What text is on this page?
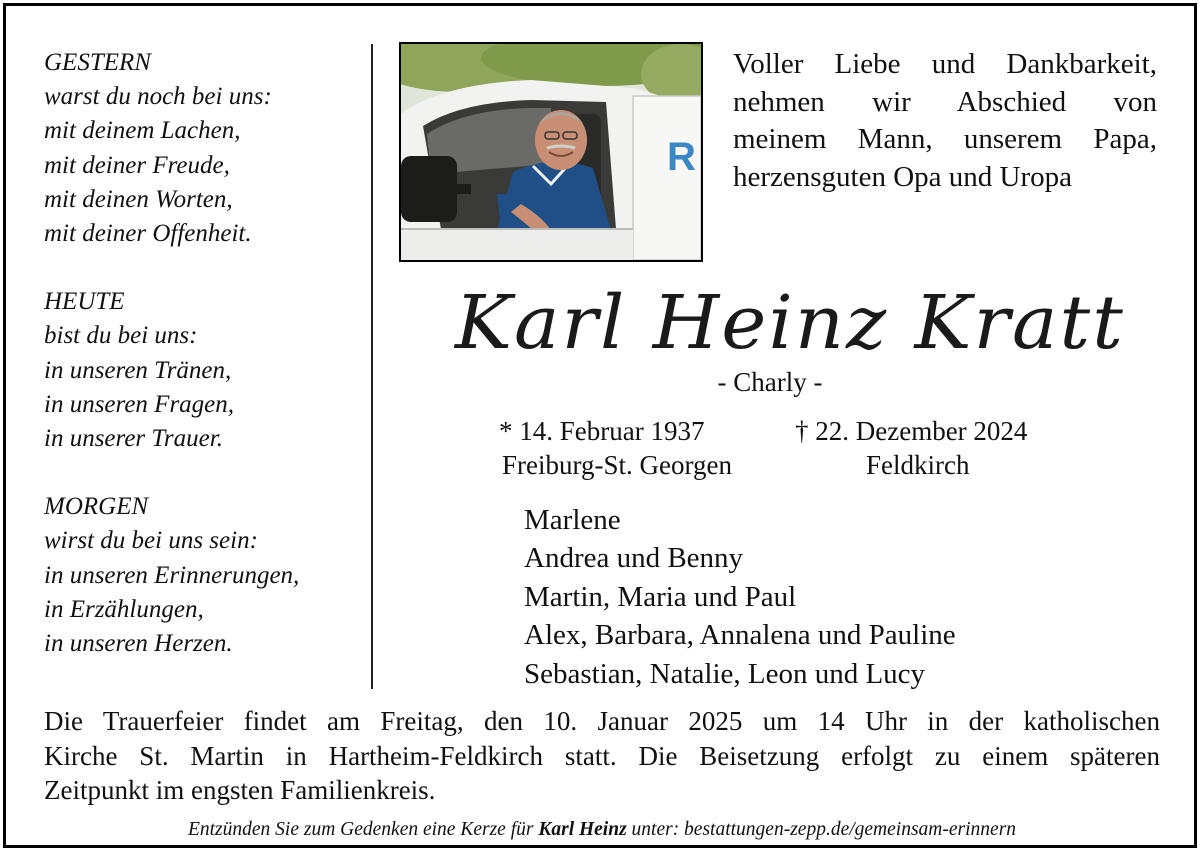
GESTERN
warst du noch bei uns:
mit deinem Lachen,
mit deiner Freude,
mit deinen Worten,
mit deiner Offenheit.
HEUTE
bist du bei uns:
in unseren Tränen,
in unseren Fragen,
in unserer Trauer.
MORGEN
wirst du bei uns sein:
in unseren Erinnerungen,
in Erzählungen,
in unseren Herzen.
R
Voller Liebe und Dankbarkeit,
nehmen wir Abschied von
meinem Mann, unserem Papa,
herzensguten Opa und Uropa
Karl Heinz Kratt
- Charly -
* 14. Februar 1937	† 22. Dezember 2024
Freiburg-St. Georgen	Feldkirch
Marlene
Andrea und Benny
Martin, Maria und Paul
Alex, Barbara, Annalena und Pauline
Sebastian, Natalie, Leon und Lucy
Die Trauerfeier findet am Freitag, den 10. Januar 2025 um 14 Uhr in der katholischen
Kirche St. Martin in Hartheim-Feldkirch statt. Die Beisetzung erfolgt zu einem späteren
Zeitpunkt im engsten Familienkreis.
Entzünden Sie zum Gedenken eine Kerze für Karl Heinz unter: bestattungen-zepp.de/gemeinsam-erinnern
